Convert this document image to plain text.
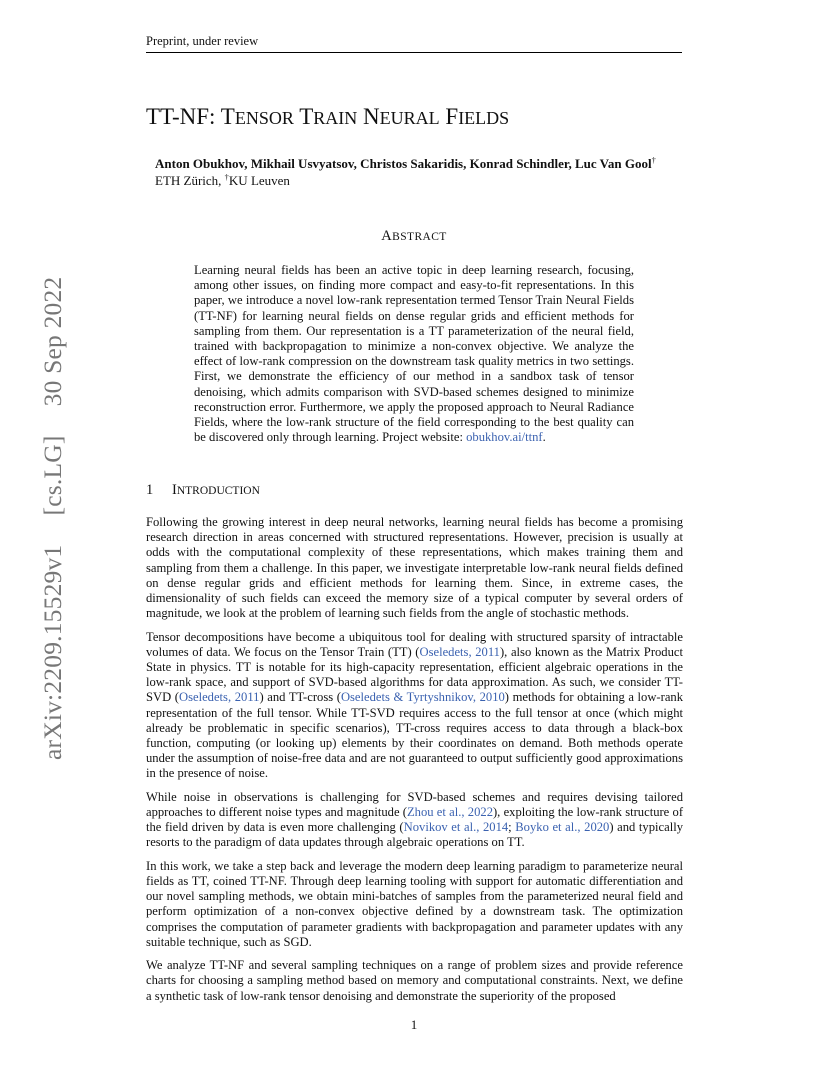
Preprint, under review
arXiv:2209.15529v1  [cs.LG]  30 Sep 2022
TT-NF: TENSOR TRAIN NEURAL FIELDS
Anton Obukhov, Mikhail Usvyatsov, Christos Sakaridis, Konrad Schindler, Luc Van Gool†
ETH Zürich, †KU Leuven
ABSTRACT
Learning neural fields has been an active topic in deep learning research, focusing, among other issues, on finding more compact and easy-to-fit representations. In this paper, we introduce a novel low-rank representation termed Tensor Train Neural Fields (TT-NF) for learning neural fields on dense regular grids and efficient methods for sampling from them. Our representation is a TT parameterization of the neural field, trained with backpropagation to minimize a non-convex objective. We analyze the effect of low-rank compression on the downstream task quality metrics in two settings. First, we demonstrate the efficiency of our method in a sandbox task of tensor denoising, which admits comparison with SVD-based schemes designed to minimize reconstruction error. Furthermore, we apply the proposed approach to Neural Radiance Fields, where the low-rank structure of the field corresponding to the best quality can be discovered only through learning. Project website: obukhov.ai/ttnf.
1 INTRODUCTION

Following the growing interest in deep neural networks, learning neural fields has become a promising research direction in areas concerned with structured representations. However, precision is usually at odds with the computational complexity of these representations, which makes training them and sampling from them a challenge. In this paper, we investigate interpretable low-rank neural fields defined on dense regular grids and efficient methods for learning them. Since, in extreme cases, the dimensionality of such fields can exceed the memory size of a typical computer by several orders of magnitude, we look at the problem of learning such fields from the angle of stochastic methods.

Tensor decompositions have become a ubiquitous tool for dealing with structured sparsity of intractable volumes of data. We focus on the Tensor Train (TT) (Oseledets, 2011), also known as the Matrix Product State in physics. TT is notable for its high-capacity representation, efficient algebraic operations in the low-rank space, and support of SVD-based algorithms for data approximation. As such, we consider TT-SVD (Oseledets, 2011) and TT-cross (Oseledets & Tyrtyshnikov, 2010) methods for obtaining a low-rank representation of the full tensor. While TT-SVD requires access to the full tensor at once (which might already be problematic in specific scenarios), TT-cross requires access to data through a black-box function, computing (or looking up) elements by their coordinates on demand. Both methods operate under the assumption of noise-free data and are not guaranteed to output sufficiently good approximations in the presence of noise.

While noise in observations is challenging for SVD-based schemes and requires devising tailored approaches to different noise types and magnitude (Zhou et al., 2022), exploiting the low-rank structure of the field driven by data is even more challenging (Novikov et al., 2014; Boyko et al., 2020) and typically resorts to the paradigm of data updates through algebraic operations on TT.

In this work, we take a step back and leverage the modern deep learning paradigm to parameterize neural fields as TT, coined TT-NF. Through deep learning tooling with support for automatic differentiation and our novel sampling methods, we obtain mini-batches of samples from the parameterized neural field and perform optimization of a non-convex objective defined by a downstream task. The optimization comprises the computation of parameter gradients with backpropagation and parameter updates with any suitable technique, such as SGD.

We analyze TT-NF and several sampling techniques on a range of problem sizes and provide reference charts for choosing a sampling method based on memory and computational constraints. Next, we define a synthetic task of low-rank tensor denoising and demonstrate the superiority of the proposed

1
